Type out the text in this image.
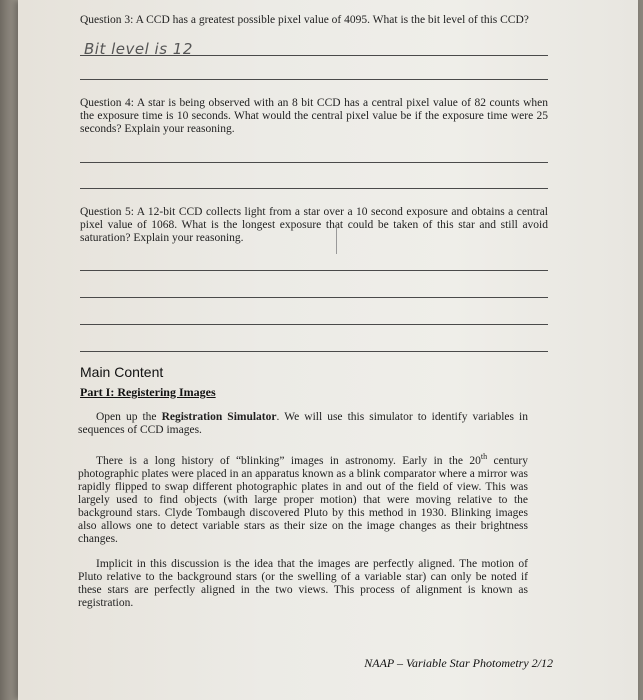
Question 3: A CCD has a greatest possible pixel value of 4095. What is the bit level of this CCD?
Bit level is 12
Question 4: A star is being observed with an 8 bit CCD has a central pixel value of 82 counts when the exposure time is 10 seconds. What would the central pixel value be if the exposure time were 25 seconds? Explain your reasoning.
Question 5: A 12-bit CCD collects light from a star over a 10 second exposure and obtains a central pixel value of 1068. What is the longest exposure that could be taken of this star and still avoid saturation? Explain your reasoning.
Main Content
Part I: Registering Images
Open up the Registration Simulator. We will use this simulator to identify variables in sequences of CCD images.
There is a long history of “blinking” images in astronomy. Early in the 20th century photographic plates were placed in an apparatus known as a blink comparator where a mirror was rapidly flipped to swap different photographic plates in and out of the field of view. This was largely used to find objects (with large proper motion) that were moving relative to the background stars. Clyde Tombaugh discovered Pluto by this method in 1930. Blinking images also allows one to detect variable stars as their size on the image changes as their brightness changes.
Implicit in this discussion is the idea that the images are perfectly aligned. The motion of Pluto relative to the background stars (or the swelling of a variable star) can only be noted if these stars are perfectly aligned in the two views. This process of alignment is known as registration.
NAAP – Variable Star Photometry 2/12
